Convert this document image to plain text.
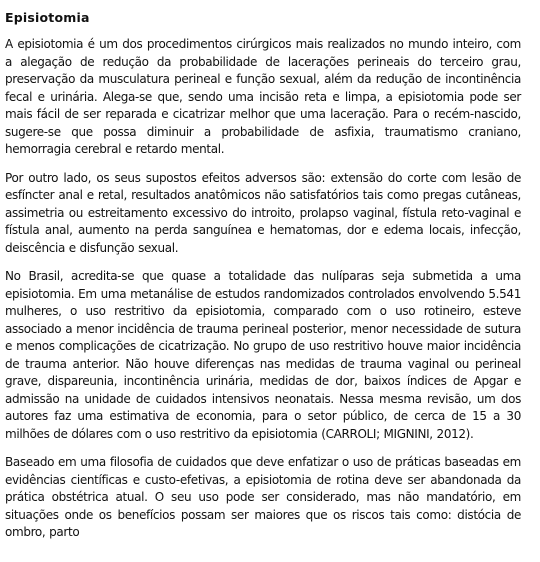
Episiotomia

A episiotomia é um dos procedimentos cirúrgicos mais realizados no mundo inteiro, com a alegação de redução da probabilidade de lacerações perineais do terceiro grau, preservação da musculatura perineal e função sexual, além da redução de incontinência fecal e urinária. Alega-se que, sendo uma incisão reta e limpa, a episiotomia pode ser mais fácil de ser reparada e cicatrizar melhor que uma laceração. Para o recém-nascido, sugere-se que possa diminuir a probabilidade de asfixia, traumatismo craniano, hemorragia cerebral e retardo mental.

Por outro lado, os seus supostos efeitos adversos são: extensão do corte com lesão de esfíncter anal e retal, resultados anatômicos não satisfatórios tais como pregas cutâneas, assimetria ou estreitamento excessivo do introito, prolapso vaginal, fístula reto-vaginal e fístula anal, aumento na perda sanguínea e hematomas, dor e edema locais, infecção, deiscência e disfunção sexual.

No Brasil, acredita-se que quase a totalidade das nulíparas seja submetida a uma episiotomia. Em uma metanálise de estudos randomizados controlados envolvendo 5.541 mulheres, o uso restritivo da episiotomia, comparado com o uso rotineiro, esteve associado a menor incidência de trauma perineal posterior, menor necessidade de sutura e menos complicações de cicatrização. No grupo de uso restritivo houve maior incidência de trauma anterior. Não houve diferenças nas medidas de trauma vaginal ou perineal grave, dispareunia, incontinência urinária, medidas de dor, baixos índices de Apgar e admissão na unidade de cuidados intensivos neonatais. Nessa mesma revisão, um dos autores faz uma estimativa de economia, para o setor público, de cerca de 15 a 30 milhões de dólares com o uso restritivo da episiotomia (CARROLI; MIGNINI, 2012).

Baseado em uma filosofia de cuidados que deve enfatizar o uso de práticas baseadas em evidências científicas e custo-efetivas, a episiotomia de rotina deve ser abandonada da prática obstétrica atual. O seu uso pode ser considerado, mas não mandatório, em situações onde os benefícios possam ser maiores que os riscos tais como: distócia de ombro, parto
